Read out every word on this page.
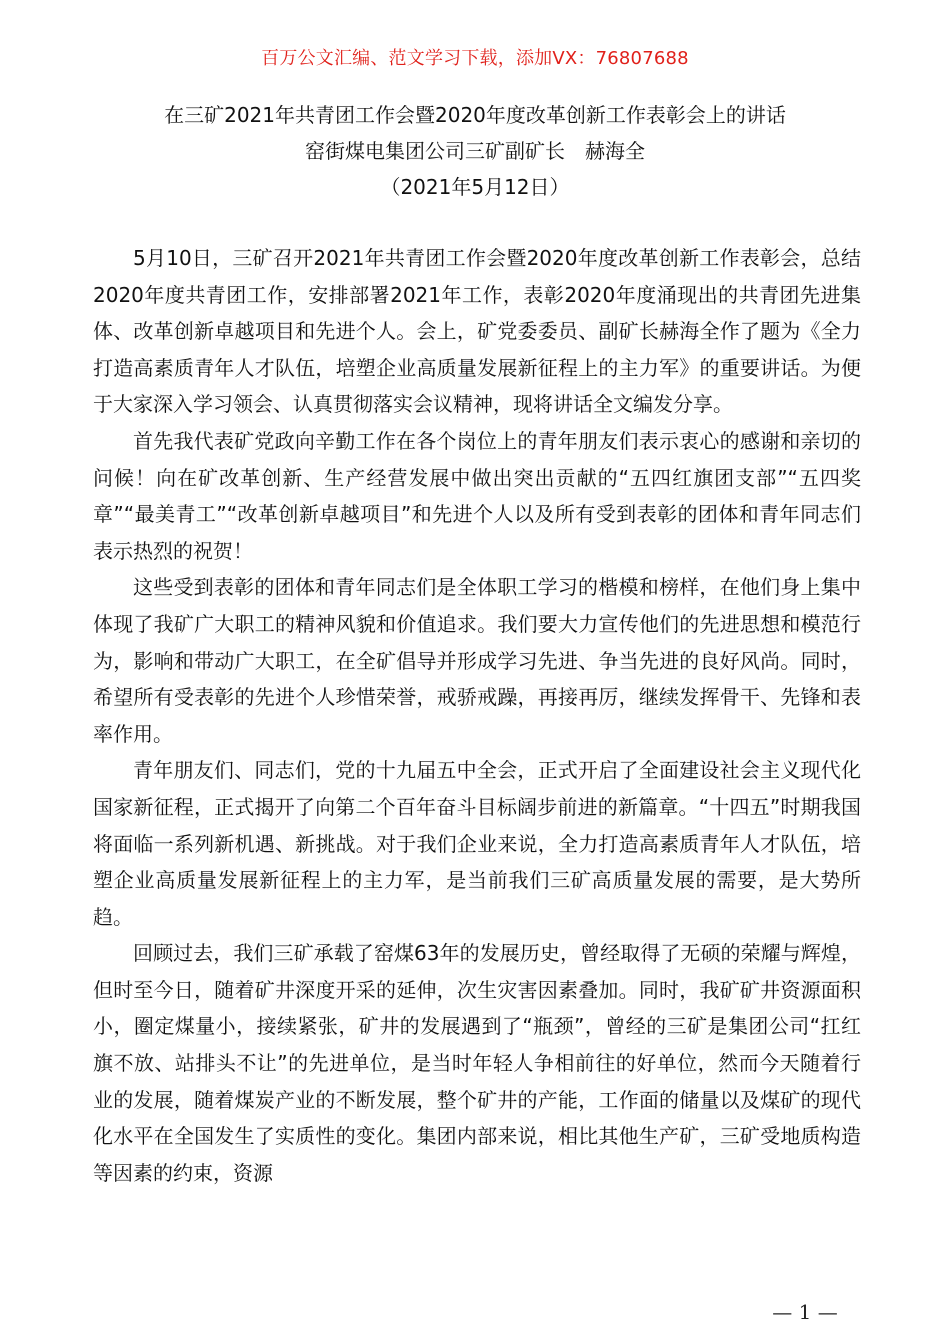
百万公文汇编、范文学习下载，添加VX：76807688
在三矿2021年共青团工作会暨2020年度改革创新工作表彰会上的讲话
窑街煤电集团公司三矿副矿长　赫海全
（2021年5月12日）

5月10日，三矿召开2021年共青团工作会暨2020年度改革创新工作表彰会，总结2020年度共青团工作，安排部署2021年工作，表彰2020年度涌现出的共青团先进集体、改革创新卓越项目和先进个人。会上，矿党委委员、副矿长赫海全作了题为《全力打造高素质青年人才队伍，培塑企业高质量发展新征程上的主力军》的重要讲话。为便于大家深入学习领会、认真贯彻落实会议精神，现将讲话全文编发分享。

首先我代表矿党政向辛勤工作在各个岗位上的青年朋友们表示衷心的感谢和亲切的问候！向在矿改革创新、生产经营发展中做出突出贡献的“五四红旗团支部”“五四奖章”“最美青工”“改革创新卓越项目”和先进个人以及所有受到表彰的团体和青年同志们表示热烈的祝贺！

这些受到表彰的团体和青年同志们是全体职工学习的楷模和榜样，在他们身上集中体现了我矿广大职工的精神风貌和价值追求。我们要大力宣传他们的先进思想和模范行为，影响和带动广大职工，在全矿倡导并形成学习先进、争当先进的良好风尚。同时，希望所有受表彰的先进个人珍惜荣誉，戒骄戒躁，再接再厉，继续发挥骨干、先锋和表率作用。

青年朋友们、同志们，党的十九届五中全会，正式开启了全面建设社会主义现代化国家新征程，正式揭开了向第二个百年奋斗目标阔步前进的新篇章。“十四五”时期我国将面临一系列新机遇、新挑战。对于我们企业来说，全力打造高素质青年人才队伍，培塑企业高质量发展新征程上的主力军，是当前我们三矿高质量发展的需要，是大势所趋。

回顾过去，我们三矿承载了窑煤63年的发展历史，曾经取得了无硕的荣耀与辉煌，但时至今日，随着矿井深度开采的延伸，次生灾害因素叠加。同时，我矿矿井资源面积小，圈定煤量小，接续紧张，矿井的发展遇到了“瓶颈”，曾经的三矿是集团公司“扛红旗不放、站排头不让”的先进单位，是当时年轻人争相前往的好单位，然而今天随着行业的发展，随着煤炭产业的不断发展，整个矿井的产能，工作面的储量以及煤矿的现代化水平在全国发生了实质性的变化。集团内部来说，相比其他生产矿，三矿受地质构造等因素的约束，资源

— 1 —
